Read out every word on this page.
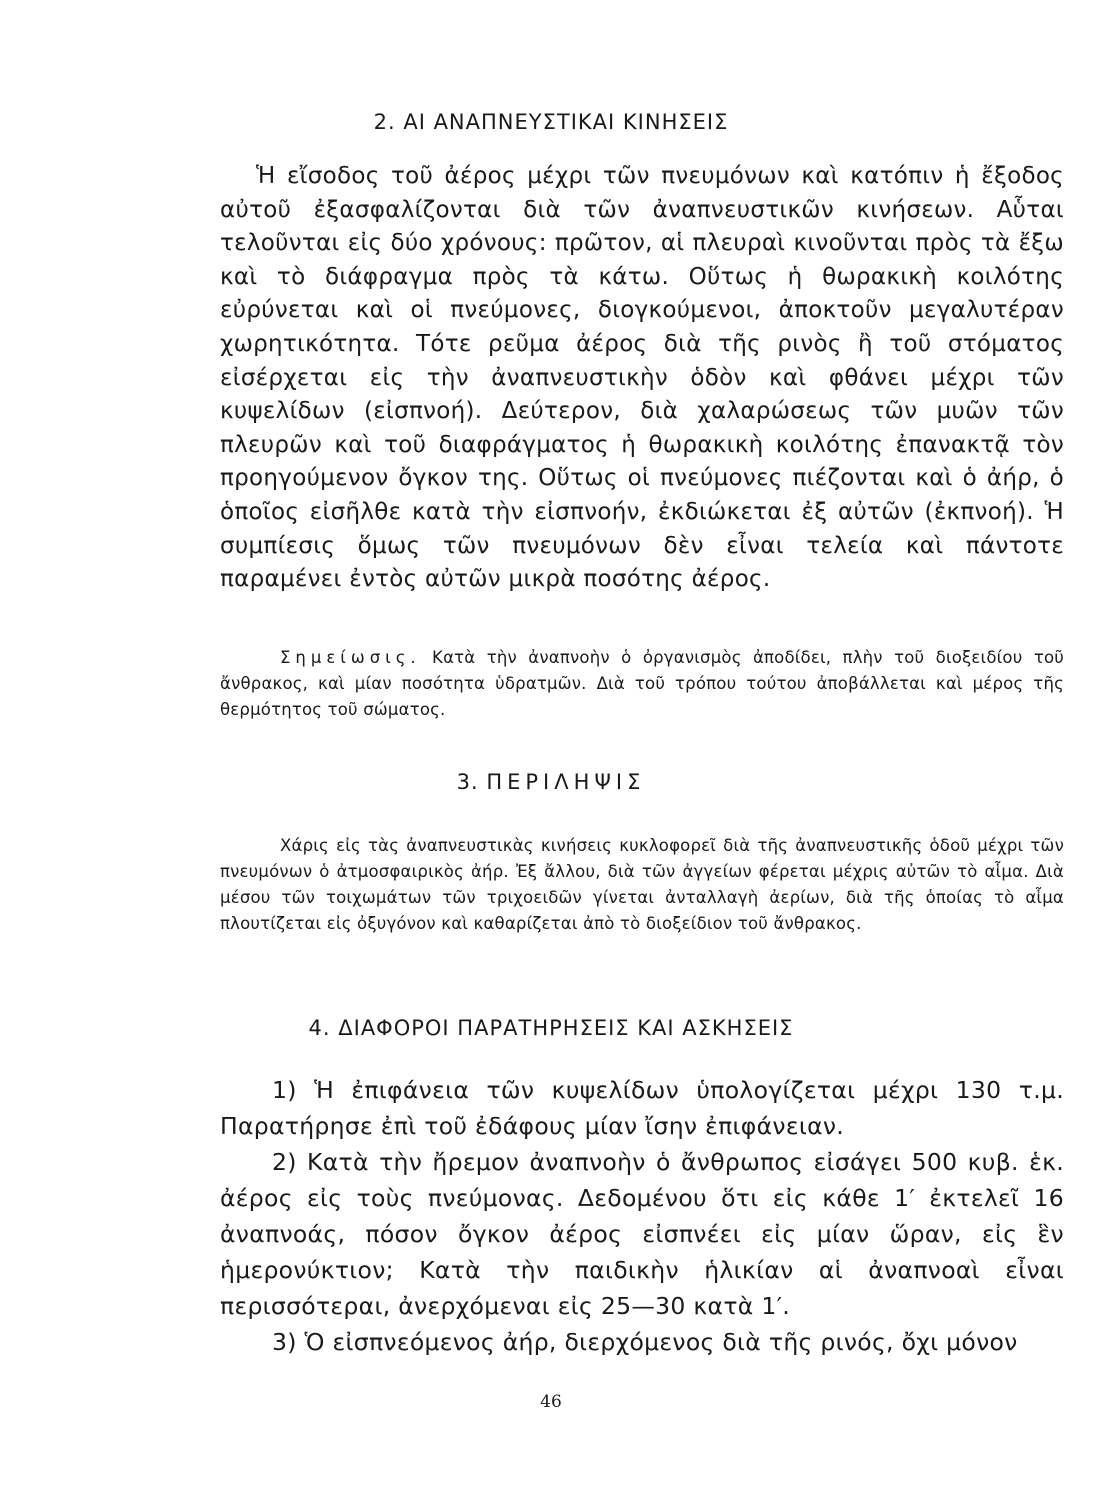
2. ΑΙ ΑΝΑΠΝΕΥΣΤΙΚΑΙ ΚΙΝΗΣΕΙΣ

Ἡ εἴσοδος τοῦ ἀέρος μέχρι τῶν πνευμόνων καὶ κατόπιν ἡ ἔξοδος αὐτοῦ ἐξασφαλίζονται διὰ τῶν ἀναπνευστικῶν κινήσεων. Αὗται τελοῦνται εἰς δύο χρόνους: πρῶτον, αἱ πλευραὶ κινοῦνται πρὸς τὰ ἔξω καὶ τὸ διάφραγμα πρὸς τὰ κάτω. Οὕτως ἡ θωρακικὴ κοιλότης εὐρύνεται καὶ οἱ πνεύμονες, διογκούμενοι, ἀποκτοῦν μεγαλυτέραν χωρητικότητα. Τότε ρεῦμα ἀέρος διὰ τῆς ρινὸς ἢ τοῦ στόματος εἰσέρχεται εἰς τὴν ἀναπνευστικὴν ὁδὸν καὶ φθάνει μέχρι τῶν κυψελίδων (εἰσπνοή). Δεύτερον, διὰ χαλαρώσεως τῶν μυῶν τῶν πλευρῶν καὶ τοῦ διαφράγματος ἡ θωρακικὴ κοιλότης ἐπανακτᾷ τὸν προηγούμενον ὄγκον της. Οὕτως οἱ πνεύμονες πιέζονται καὶ ὁ ἀήρ, ὁ ὁποῖος εἰσῆλθε κατὰ τὴν εἰσπνοήν, ἐκδιώκεται ἐξ αὐτῶν (ἐκπνοή). Ἡ συμπίεσις ὅμως τῶν πνευμόνων δὲν εἶναι τελεία καὶ πάντοτε παραμένει ἐντὸς αὐτῶν μικρὰ ποσότης ἀέρος.

Σημείωσις. Κατὰ τὴν ἀναπνοὴν ὁ ὀργανισμὸς ἀποδίδει, πλὴν τοῦ διοξειδίου τοῦ ἄνθρακος, καὶ μίαν ποσότητα ὑδρατμῶν. Διὰ τοῦ τρόπου τούτου ἀποβάλλεται καὶ μέρος τῆς θερμότητος τοῦ σώματος.

3. ΠΕΡΙΛΗΨΙΣ

Χάρις εἰς τὰς ἀναπνευστικὰς κινήσεις κυκλοφορεῖ διὰ τῆς ἀναπνευστικῆς ὁδοῦ μέχρι τῶν πνευμόνων ὁ ἀτμοσφαιρικὸς ἀήρ. Ἐξ ἄλλου, διὰ τῶν ἀγγείων φέρεται μέχρις αὐτῶν τὸ αἷμα. Διὰ μέσου τῶν τοιχωμάτων τῶν τριχοειδῶν γίνεται ἀνταλλαγὴ ἀερίων, διὰ τῆς ὁποίας τὸ αἷμα πλουτίζεται εἰς ὀξυγόνον καὶ καθαρίζεται ἀπὸ τὸ διοξείδιον τοῦ ἄνθρακος.

4. ΔΙΑΦΟΡΟΙ ΠΑΡΑΤΗΡΗΣΕΙΣ ΚΑΙ ΑΣΚΗΣΕΙΣ

1) Ἡ ἐπιφάνεια τῶν κυψελίδων ὑπολογίζεται μέχρι 130 τ.μ. Παρατήρησε ἐπὶ τοῦ ἐδάφους μίαν ἴσην ἐπιφάνειαν.

2) Κατὰ τὴν ἤρεμον ἀναπνοὴν ὁ ἄνθρωπος εἰσάγει 500 κυβ. ἑκ. ἀέρος εἰς τοὺς πνεύμονας. Δεδομένου ὅτι εἰς κάθε 1′ ἐκτελεῖ 16 ἀναπνοάς, πόσον ὄγκον ἀέρος εἰσπνέει εἰς μίαν ὥραν, εἰς ἓν ἡμερονύκτιον; Κατὰ τὴν παιδικὴν ἡλικίαν αἱ ἀναπνοαὶ εἶναι περισσότεραι, ἀνερχόμεναι εἰς 25—30 κατὰ 1′.

3) Ὁ εἰσπνεόμενος ἀήρ, διερχόμενος διὰ τῆς ρινός, ὄχι μόνον

46
